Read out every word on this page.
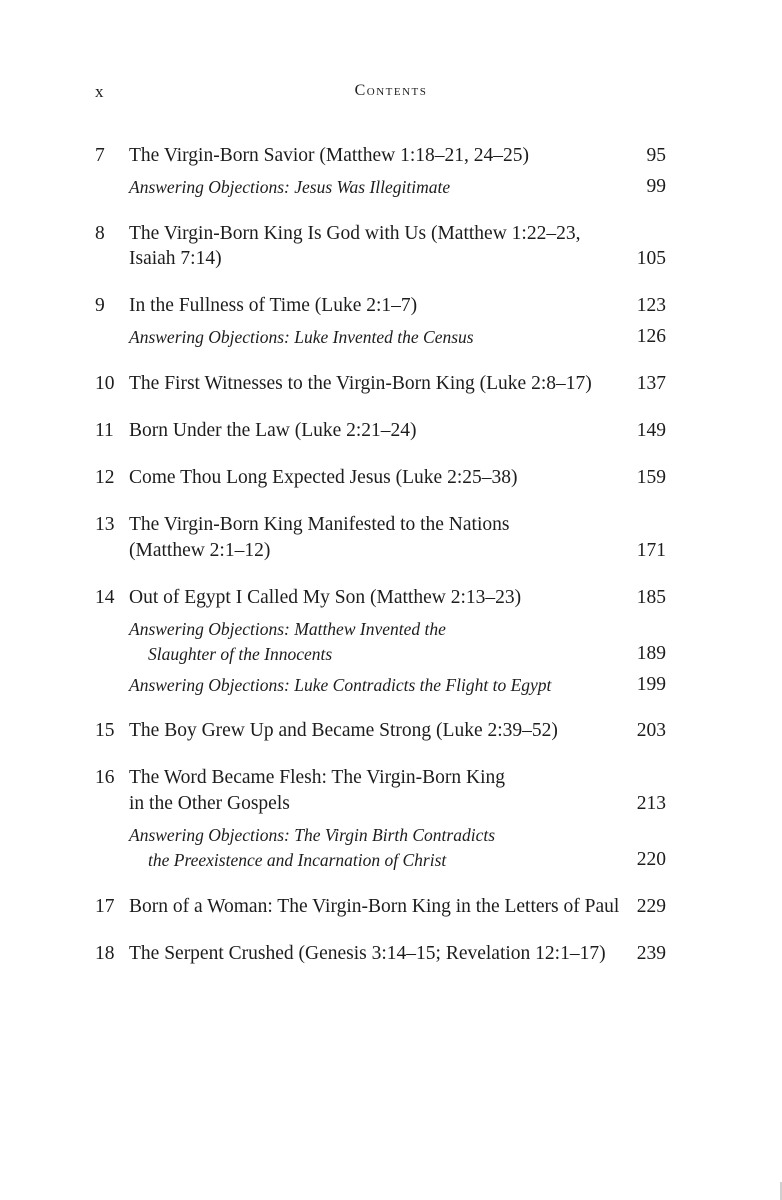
x	Contents
7 The Virgin-Born Savior (Matthew 1:18–21, 24–25)	95
Answering Objections: Jesus Was Illegitimate	99
8 The Virgin-Born King Is God with Us (Matthew 1:22–23,
Isaiah 7:14)	105
9 In the Fullness of Time (Luke 2:1–7)	123
Answering Objections: Luke Invented the Census	126
10 The First Witnesses to the Virgin-Born King (Luke 2:8–17) 137
11 Born Under the Law (Luke 2:21–24)	149
12 Come Thou Long Expected Jesus (Luke 2:25–38)	159
13 The Virgin-Born King Manifested to the Nations
(Matthew 2:1–12)	171
14 Out of Egypt I Called My Son (Matthew 2:13–23)	185
Answering Objections: Matthew Invented the
Slaughter of the Innocents	189
Answering Objections: Luke Contradicts the Flight to Egypt	199
15 The Boy Grew Up and Became Strong (Luke 2:39–52)	203
16 The Word Became Flesh: The Virgin-Born King
in the Other Gospels	213
Answering Objections: The Virgin Birth Contradicts
the Preexistence and Incarnation of Christ	220
17 Born of a Woman: The Virgin-Born King in the Letters of Paul 229
18 The Serpent Crushed (Genesis 3:14–15; Revelation 12:1–17) 239
